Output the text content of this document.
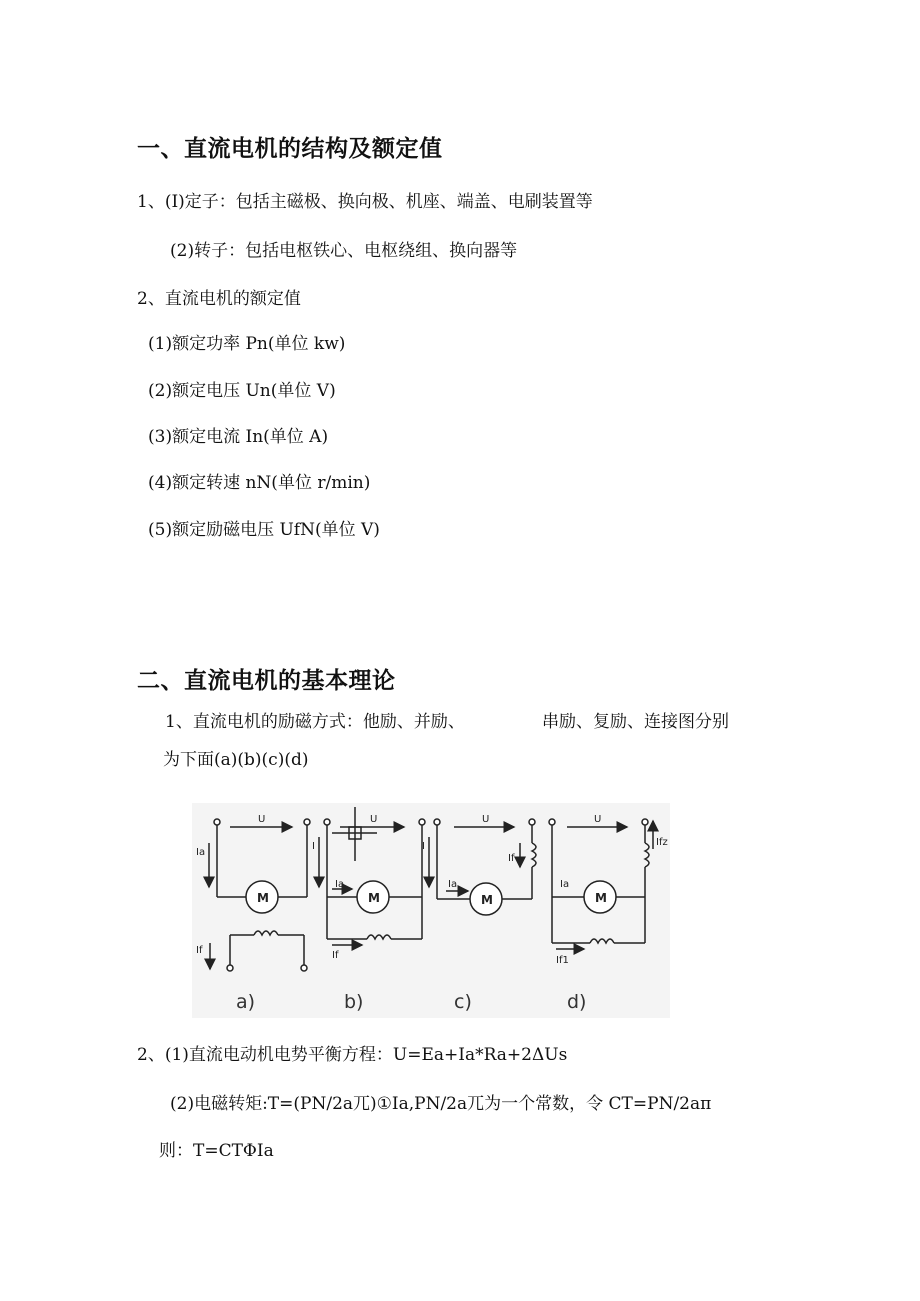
一、直流电机的结构及额定值
1、(I)定子：包括主磁极、换向极、机座、端盖、电刷装置等
(2)转子：包括电枢铁心、电枢绕组、换向器等
2、直流电机的额定值
(1)额定功率 Pn(单位 kw)
(2)额定电压 Un(单位 V)
(3)额定电流 In(单位 A)
(4)额定转速 nN(单位 r/min)
(5)额定励磁电压 UfN(单位 V)
二、直流电机的基本理论
1、直流电机的励磁方式：他励、并励、	串励、复励、连接图分别
为下面(a)(b)(c)(d)
U
Ia
If
U
I
Ia
If
U
I
Ia
If
U
Ia
Ifz
If1
M	M	M	M
a)	b)	c)	d)
2、(1)直流电动机电势平衡方程：U=Ea+Ia*Ra+2ΔUs
(2)电磁转矩:T=(PN/2a兀)①Ia,PN/2a兀为一个常数，令 CT=PN/2aπ
则：T=CTΦIa
